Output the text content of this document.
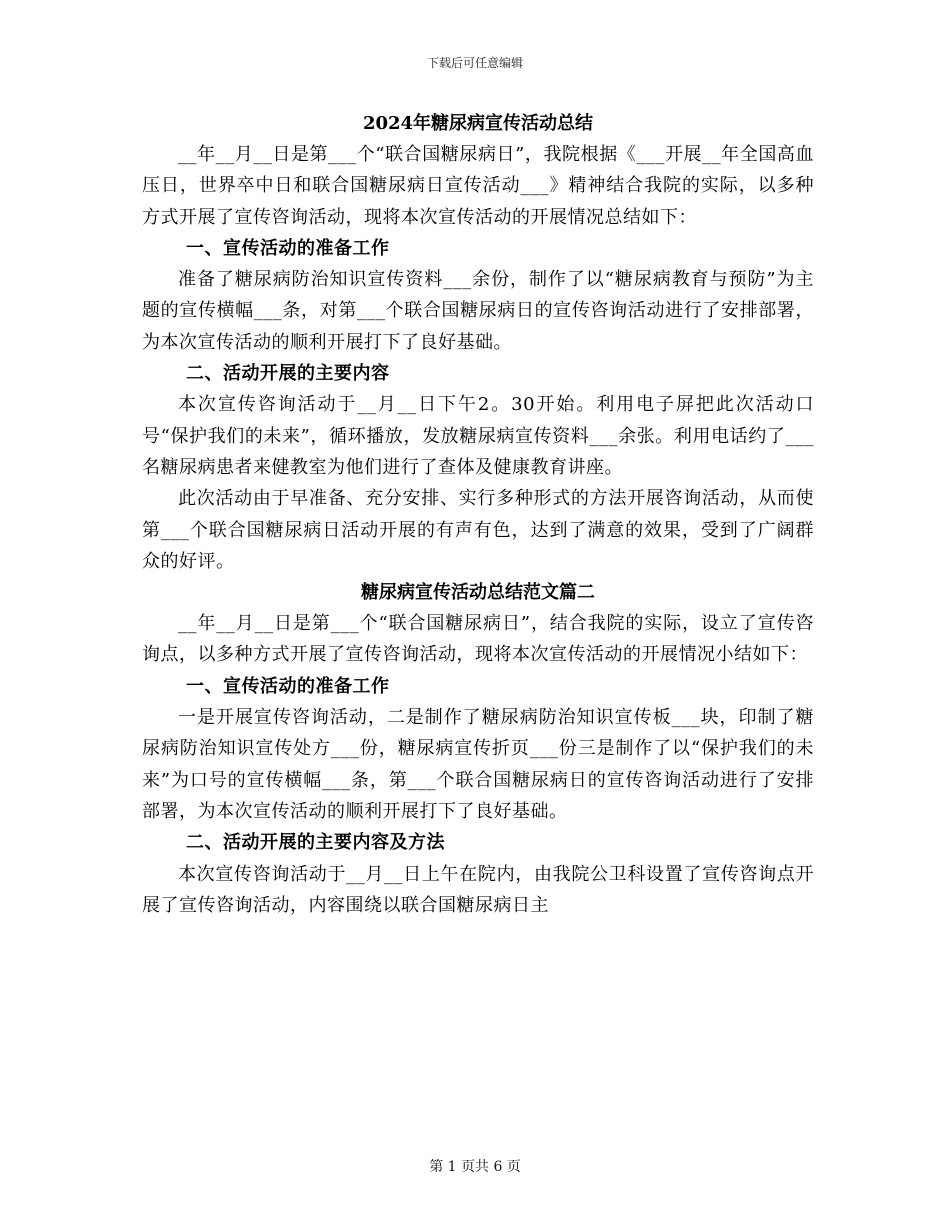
下载后可任意编辑
2024年糖尿病宣传活动总结

__年__月__日是第___个“联合国糖尿病日”，我院根据《___开展__年全国高血压日，世界卒中日和联合国糖尿病日宣传活动___》精神结合我院的实际，以多种方式开展了宣传咨询活动，现将本次宣传活动的开展情况总结如下：

一、宣传活动的准备工作

准备了糖尿病防治知识宣传资料___余份，制作了以“糖尿病教育与预防”为主题的宣传横幅___条，对第___个联合国糖尿病日的宣传咨询活动进行了安排部署，为本次宣传活动的顺利开展打下了良好基础。

二、活动开展的主要内容

本次宣传咨询活动于__月__日下午2。30开始。利用电子屏把此次活动口号“保护我们的未来”，循环播放，发放糖尿病宣传资料___余张。利用电话约了___名糖尿病患者来健教室为他们进行了查体及健康教育讲座。

此次活动由于早准备、充分安排、实行多种形式的方法开展咨询活动，从而使第___个联合国糖尿病日活动开展的有声有色，达到了满意的效果，受到了广阔群众的好评。

糖尿病宣传活动总结范文篇二

__年__月__日是第___个“联合国糖尿病日”，结合我院的实际，设立了宣传咨询点，以多种方式开展了宣传咨询活动，现将本次宣传活动的开展情况小结如下：

一、宣传活动的准备工作

一是开展宣传咨询活动，二是制作了糖尿病防治知识宣传板___块，印制了糖尿病防治知识宣传处方___份，糖尿病宣传折页___份三是制作了以“保护我们的未来”为口号的宣传横幅___条，第___个联合国糖尿病日的宣传咨询活动进行了安排部署，为本次宣传活动的顺利开展打下了良好基础。

二、活动开展的主要内容及方法

本次宣传咨询活动于__月__日上午在院内，由我院公卫科设置了宣传咨询点开展了宣传咨询活动，内容围绕以联合国糖尿病日主

第 1 页共 6 页
